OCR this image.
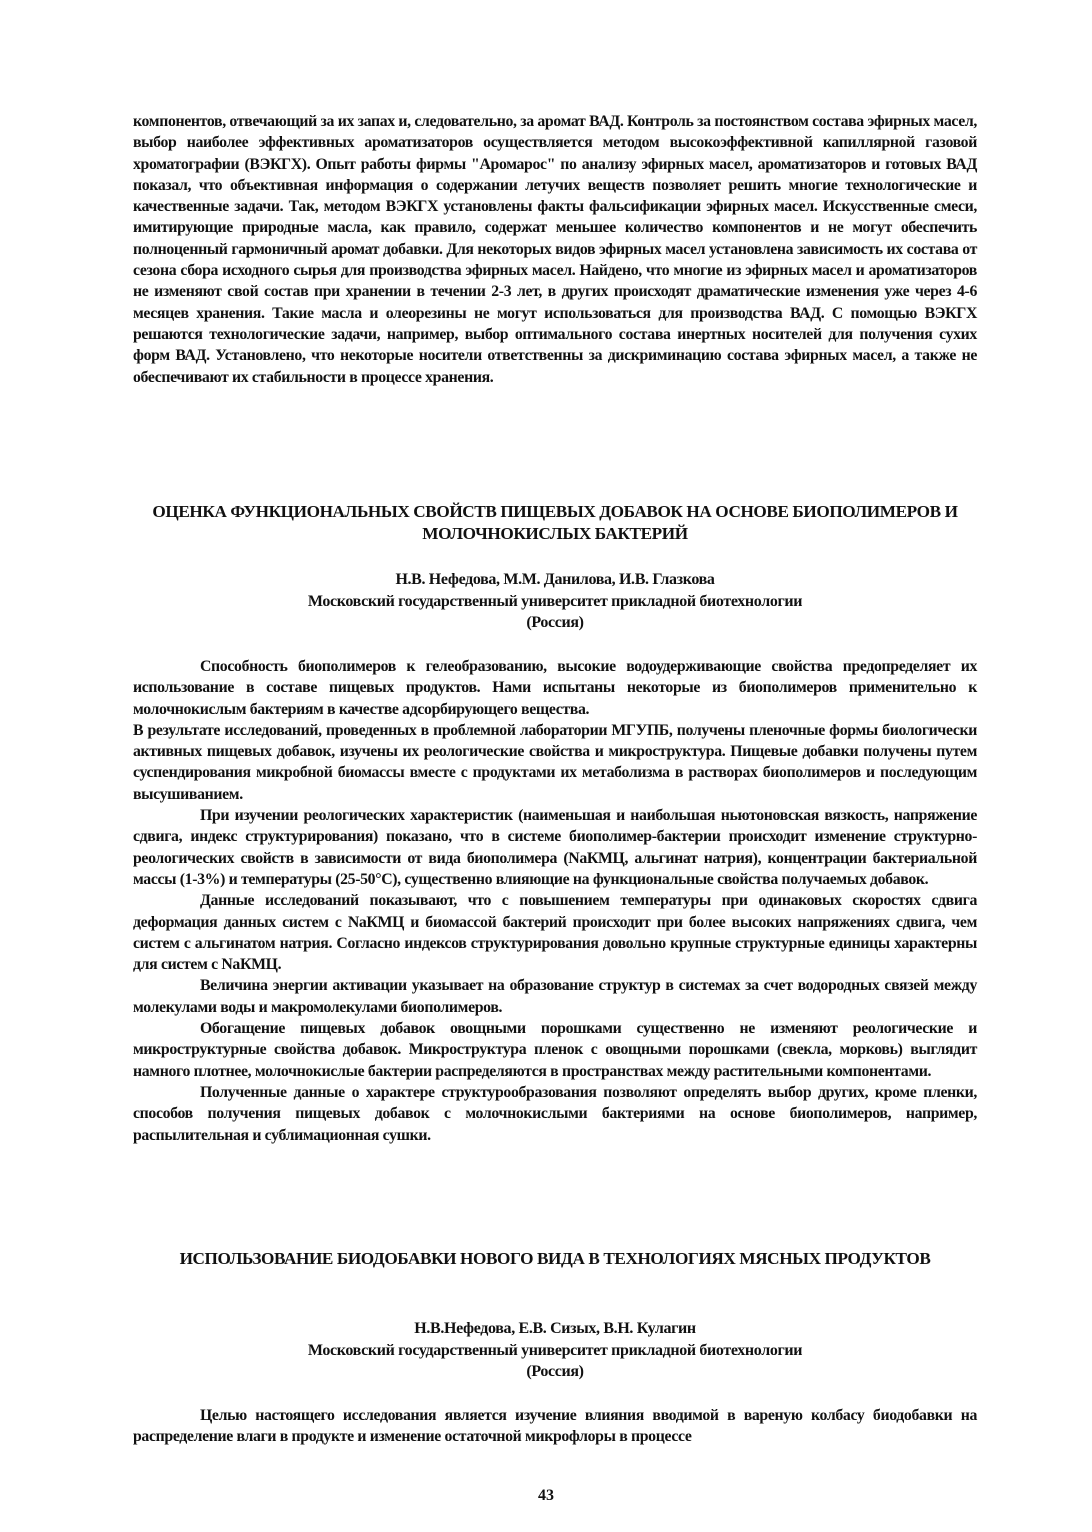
компонентов, отвечающий за их запах и, следовательно, за аромат ВАД. Контроль за постоянством состава эфирных масел, выбор наиболее эффективных ароматизаторов осуществляется методом высокоэффективной капиллярной газовой хроматографии (ВЭКГХ). Опыт работы фирмы "Аромарос" по анализу эфирных масел, ароматизаторов и готовых ВАД показал, что объективная информация о содержании летучих веществ позволяет решить многие технологические и качественные задачи. Так, методом ВЭКГХ установлены факты фальсификации эфирных масел. Искусственные смеси, имитирующие природные масла, как правило, содержат меньшее количество компонентов и не могут обеспечить полноценный гармоничный аромат добавки. Для некоторых видов эфирных масел установлена зависимость их состава от сезона сбора исходного сырья для производства эфирных масел. Найдено, что многие из эфирных масел и ароматизаторов не изменяют свой состав при хранении в течении 2-3 лет, в других происходят драматические изменения уже через 4-6 месяцев хранения. Такие масла и олеорезины не могут использоваться для производства ВАД. С помощью ВЭКГХ решаются технологические задачи, например, выбор оптимального состава инертных носителей для получения сухих форм ВАД. Установлено, что некоторые носители ответственны за дискриминацию состава эфирных масел, а также не обеспечивают их стабильности в процессе хранения.

ОЦЕНКА ФУНКЦИОНАЛЬНЫХ СВОЙСТВ ПИЩЕВЫХ ДОБАВОК НА ОСНОВЕ БИОПОЛИМЕРОВ И МОЛОЧНОКИСЛЫХ БАКТЕРИЙ
Н.В. Нефедова, М.М. Данилова, И.В. Глазкова
Московский государственный университет прикладной биотехнологии
(Россия)

Способность биополимеров к гелеобразованию, высокие водоудерживающие свойства предопределяет их использование в составе пищевых продуктов. Нами испытаны некоторые из биополимеров применительно к молочнокислым бактериям в качестве адсорбирующего вещества.

В результате исследований, проведенных в проблемной лаборатории МГУПБ, получены пленочные формы биологически активных пищевых добавок, изучены их реологические свойства и микроструктура. Пищевые добавки получены путем суспендирования микробной биомассы вместе с продуктами их метаболизма в растворах биополимеров и последующим высушиванием.

При изучении реологических характеристик (наименьшая и наибольшая ньютоновская вязкость, напряжение сдвига, индекс структурирования) показано, что в системе биополимер-бактерии происходит изменение структурно-реологических свойств в зависимости от вида биополимера (NaКМЦ, альгинат натрия), концентрации бактериальной массы (1-3%) и температуры (25-50°С), существенно влияющие на функциональные свойства получаемых добавок.

Данные исследований показывают, что с повышением температуры при одинаковых скоростях сдвига деформация данных систем с NaКМЦ и биомассой бактерий происходит при более высоких напряжениях сдвига, чем систем с альгинатом натрия. Согласно индексов структурирования довольно крупные структурные единицы характерны для систем с NaКМЦ.

Величина энергии активации указывает на образование структур в системах за счет водородных связей между молекулами воды и макромолекулами биополимеров.

Обогащение пищевых добавок овощными порошками существенно не изменяют реологические и микроструктурные свойства добавок. Микроструктура пленок с овощными порошками (свекла, морковь) выглядит намного плотнее, молочнокислые бактерии распределяются в пространствах между растительными компонентами.

Полученные данные о характере структурообразования позволяют определять выбор других, кроме пленки, способов получения пищевых добавок с молочнокислыми бактериями на основе биополимеров, например, распылительная и сублимационная сушки.

ИСПОЛЬЗОВАНИЕ БИОДОБАВКИ НОВОГО ВИДА В ТЕХНОЛОГИЯХ МЯСНЫХ ПРОДУКТОВ
Н.В.Нефедова, Е.В. Сизых, В.Н. Кулагин
Московский государственный университет прикладной биотехнологии
(Россия)

Целью настоящего исследования является изучение влияния вводимой в вареную колбасу биодобавки на распределение влаги в продукте и изменение остаточной микрофлоры в процессе

43
